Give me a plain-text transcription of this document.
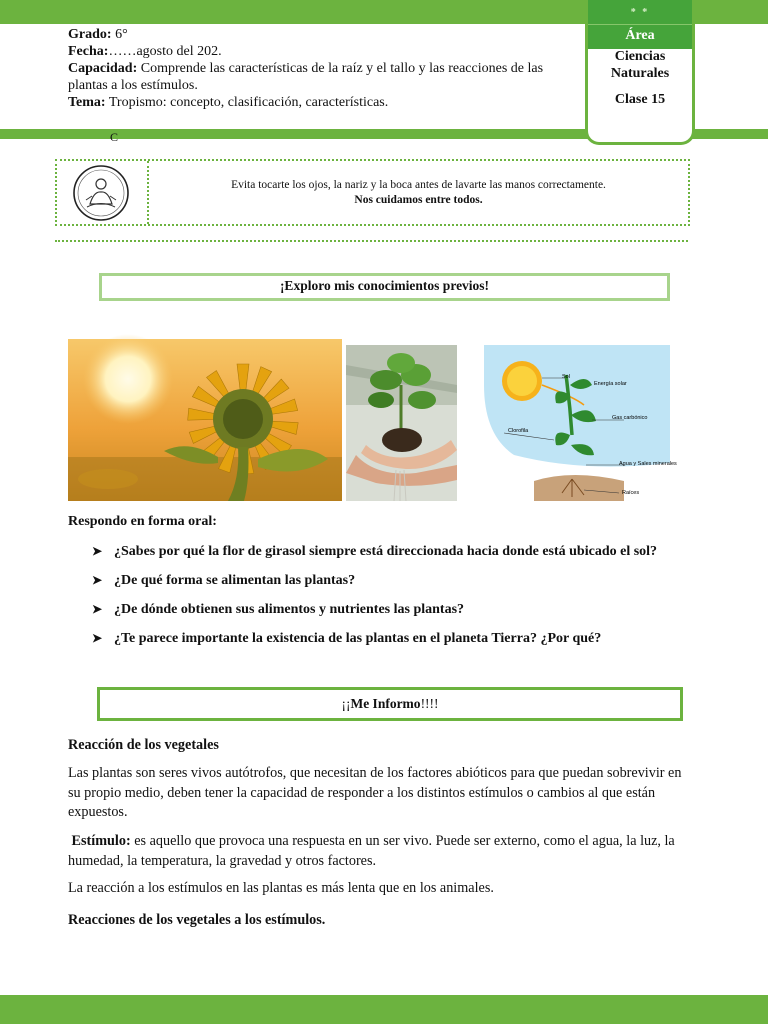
Grado: 6°

Fecha:……agosto del 202.

Capacidad: Comprende las características de la raíz y el tallo y las reacciones de las plantas a los estímulos.

Tema: Tropismo: concepto, clasificación, características.

* *
Área
Ciencias
Naturales
Clase 15
C
Evita tocarte los ojos, la nariz y la boca antes de lavarte las manos correctamente.
Nos cuidamos entre todos.
¡Exploro mis conocimientos previos!
Sol
Energía solar
Gas carbónico
Clorofila
Agua y Sales minerales
Raíces
Respondo en forma oral:
➤ ¿Sabes por qué la flor de girasol siempre está direccionada hacia donde está ubicado el sol?
➤ ¿De qué forma se alimentan las plantas?
➤ ¿De dónde obtienen sus alimentos y nutrientes las plantas?
➤ ¿Te parece importante la existencia de las plantas en el planeta Tierra? ¿Por qué?
¡¡Me Informo!!!!

Reacción de los vegetales

Las plantas son seres vivos autótrofos, que necesitan de los factores abióticos para que puedan sobrevivir en su propio medio, deben tener la capacidad de responder a los distintos estímulos o cambios al que están expuestos.

Estímulo: es aquello que provoca una respuesta en un ser vivo. Puede ser externo, como el agua, la luz, la humedad, la temperatura, la gravedad y otros factores.

La reacción a los estímulos en las plantas es más lenta que en los animales.

Reacciones de los vegetales a los estímulos.
